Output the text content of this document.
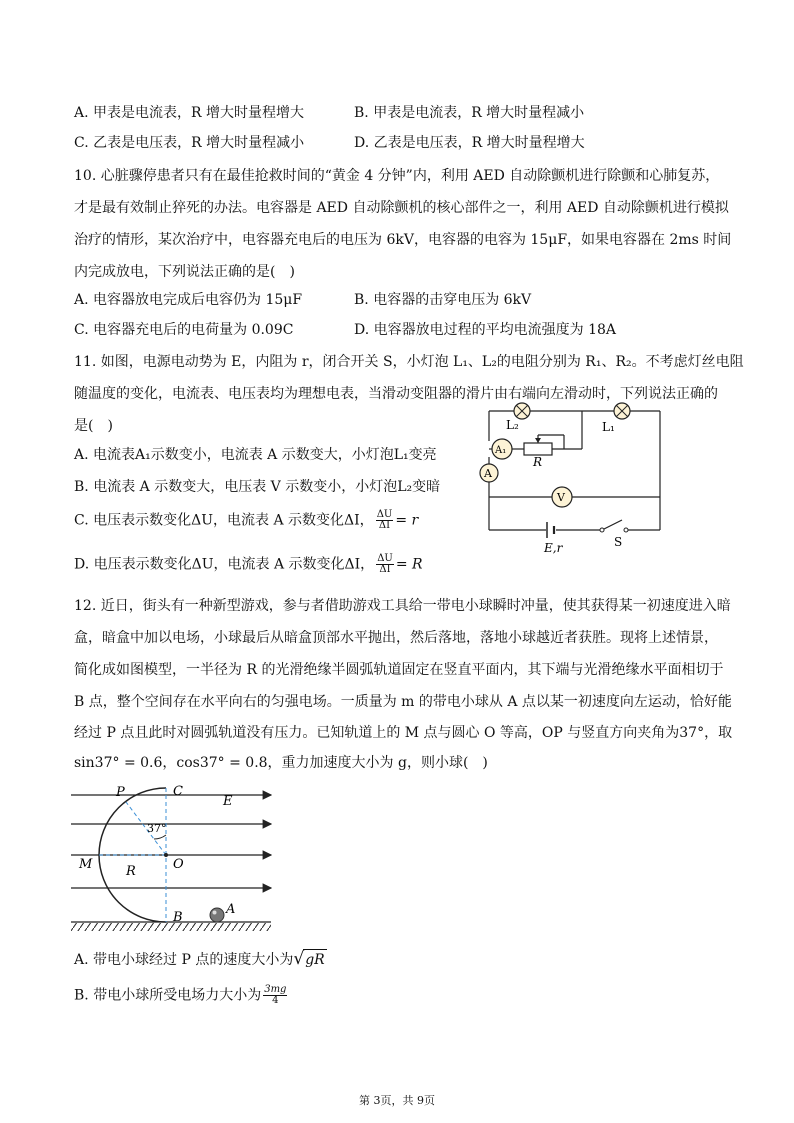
A. 甲表是电流表，R 增大时量程增大	B. 甲表是电流表，R 增大时量程减小
C. 乙表是电压表，R 增大时量程减小	D. 乙表是电压表，R 增大时量程增大
10. 心脏骤停患者只有在最佳抢救时间的“黄金 4 分钟”内，利用 AED 自动除颤机进行除颤和心肺复苏，
才是最有效制止猝死的办法。电容器是 AED 自动除颤机的核心部件之一，利用 AED 自动除颤机进行模拟
治疗的情形，某次治疗中，电容器充电后的电压为 6kV，电容器的电容为 15μF，如果电容器在 2ms 时间
内完成放电，下列说法正确的是(　)
A. 电容器放电完成后电容仍为 15μF	B. 电容器的击穿电压为 6kV
C. 电容器充电后的电荷量为 0.09C	D. 电容器放电过程的平均电流强度为 18A
11. 如图，电源电动势为 E，内阻为 r，闭合开关 S，小灯泡 L₁、L₂的电阻分别为 R₁、R₂。不考虑灯丝电阻
随温度的变化，电流表、电压表均为理想电表，当滑动变阻器的滑片由右端向左滑动时，下列说法正确的
是(　)
A. 电流表A₁示数变小，电流表 A 示数变大，小灯泡L₁变亮
B. 电流表 A 示数变大，电压表 V 示数变小，小灯泡L₂变暗
C. 电压表示数变化ΔU，电流表 A 示数变化ΔI， $\frac{\Delta U}{\Delta I} = r$
D. 电压表示数变化ΔU，电流表 A 示数变化ΔI， $\frac{\Delta U}{\Delta I} = R$
L₂	L₁
A₁
A
R
V
E,r	S
12. 近日，街头有一种新型游戏，参与者借助游戏工具给一带电小球瞬时冲量，使其获得某一初速度进入暗
盒，暗盒中加以电场，小球最后从暗盒顶部水平抛出，然后落地，落地小球越近者获胜。现将上述情景，
简化成如图模型，一半径为 R 的光滑绝缘半圆弧轨道固定在竖直平面内，其下端与光滑绝缘水平面相切于
B 点，整个空间存在水平向右的匀强电场。一质量为 m 的带电小球从 A 点以某一初速度向左运动，恰好能
经过 P 点且此时对圆弧轨道没有压力。已知轨道上的 M 点与圆心 O 等高，OP 与竖直方向夹角为37°，取
sin37° = 0.6，cos37° = 0.8，重力加速度大小为 g，则小球(　)
P	C
E
37°
M	O
R
B
A
A. 带电小球经过 P 点的速度大小为√gR
B. 带电小球所受电场力大小为 $\frac{3mg}{4}$
第 3页，共 9页
